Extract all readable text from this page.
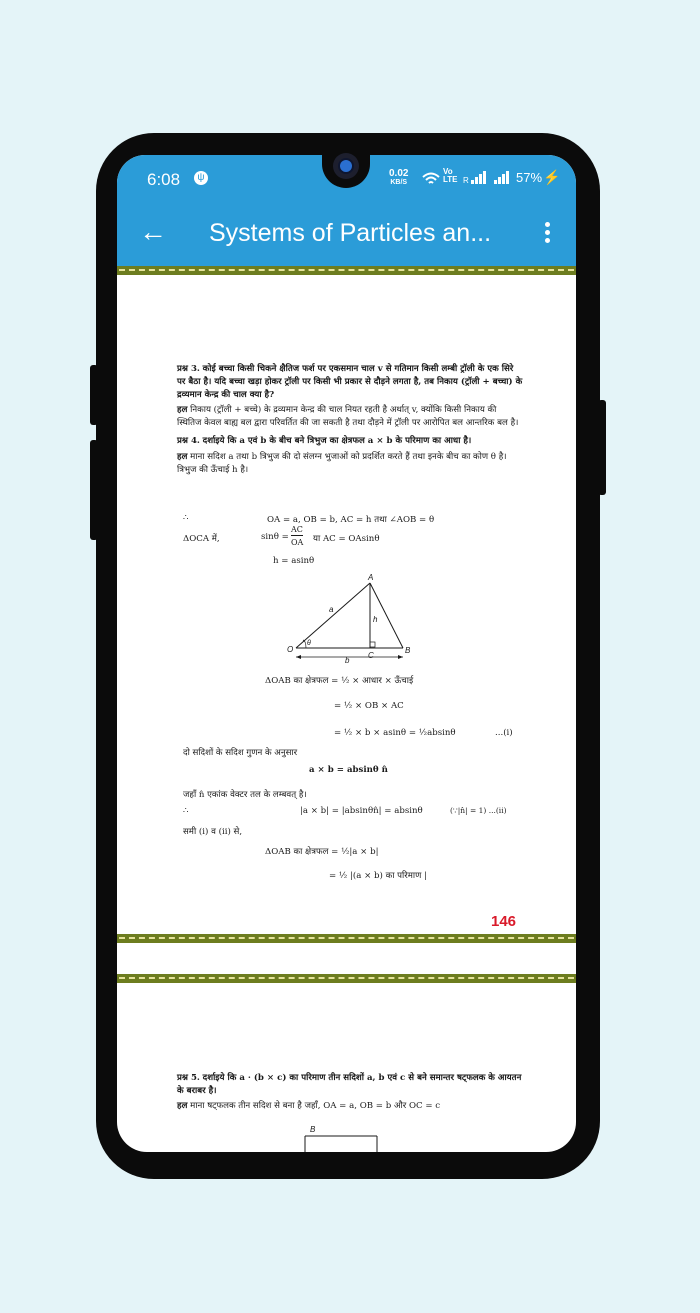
6:08	ψ	0.02
KB/S
Vo
LTE R	57% ⚡
← Systems of Particles an...

प्रश्न 3. कोई बच्चा किसी चिकने क्षैतिज फर्श पर एकसमान चाल v से गतिमान किसी लम्बी ट्रॉली के एक सिरे पर बैठा है। यदि बच्चा खड़ा होकर ट्रॉली पर किसी भी प्रकार से दौड़ने लगता है, तब निकाय (ट्रॉली + बच्चा) के द्रव्यमान केन्द्र की चाल क्या है?

हल निकाय (ट्रॉली + बच्चे) के द्रव्यमान केन्द्र की चाल नियत रहती है अर्थात् v, क्योंकि किसी निकाय की स्थितिज केवल बाह्य बल द्वारा परिवर्तित की जा सकती है तथा दौड़ने में ट्रॉली पर आरोपित बल आन्तरिक बल है।

प्रश्न 4. दर्शाइये कि a एवं b के बीच बने त्रिभुज का क्षेत्रफल a × b के परिमाण का आधा है।

हल माना सदिश a तथा b त्रिभुज की दो संलग्न भुजाओं को प्रदर्शित करते हैं तथा इनके बीच का कोण θ है। त्रिभुज की ऊँचाई h है।

∴	OA = a, OB = b, AC = h तथा ∠AOB = θ
ΔOCA में,	sinθ =
AC
OA या AC = OAsinθ
h = asinθ
A
B
O
C
a
b
h
θ
ΔOAB का क्षेत्रफल = ½ × आधार × ऊँचाई
= ½ × OB × AC
= ½ × b × asinθ = ½absinθ	...(i)
दो सदिशों के सदिश गुणन के अनुसार
a × b = absinθ n̂
जहाँ n̂ एकांक वेक्टर तल के लम्बवत् है।
∴	|a × b| = |absinθn̂| = absinθ	(∵|n̂| = 1) ...(ii)
समी (i) व (ii) से,
ΔOAB का क्षेत्रफल = ½|a × b|
= ½ |(a × b) का परिमाण |
146

प्रश्न 5. दर्शाइये कि a · (b × c) का परिमाण तीन सदिशों a, b एवं c से बने समान्तर षट्फलक के आयतन के बराबर है।

हल माना षट्फलक तीन सदिश से बना है जहाँ, OA = a, OB = b और OC = c

B
